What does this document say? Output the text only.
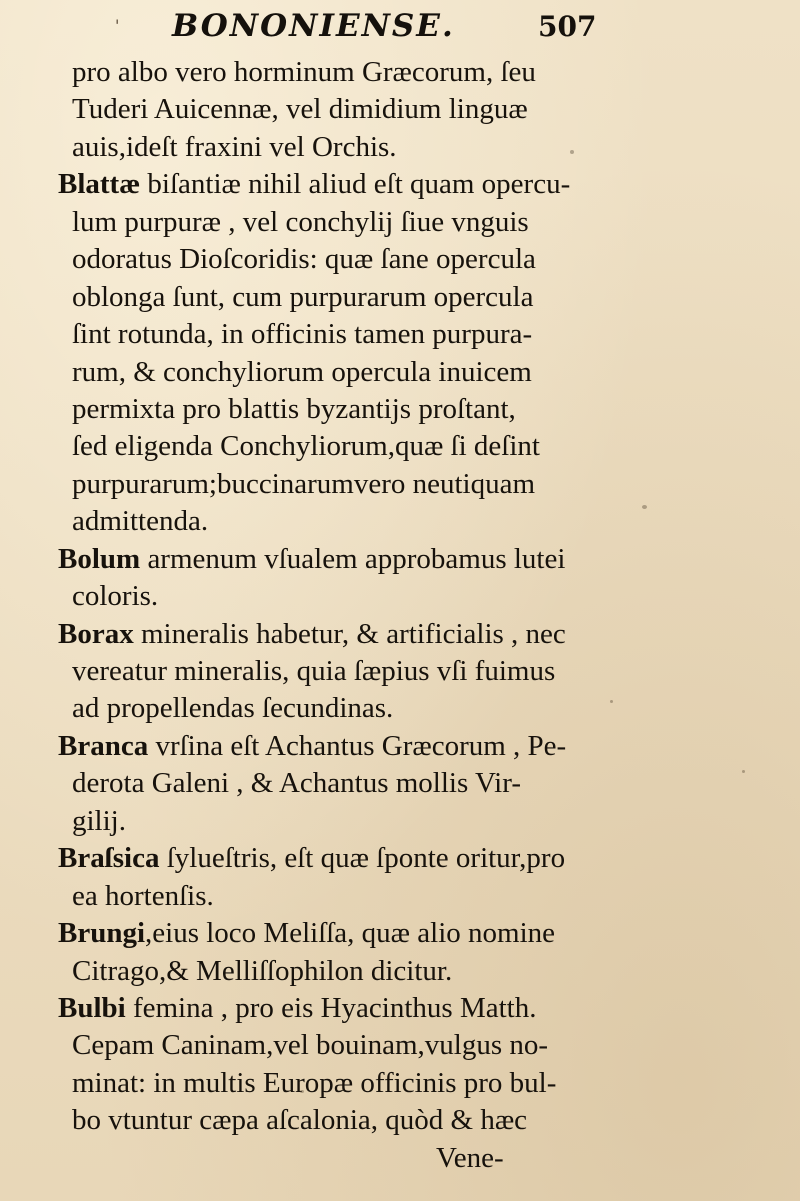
' BONONIENSE.	507
pro albo vero horminum Græcorum, ſeu
Tuderi Auicennæ, vel dimidium linguæ
auis,ideſt fraxini vel Orchis.
Blattæ biſantiæ nihil aliud eſt quam opercu-
lum purpuræ , vel conchylij ſiue vnguis
odoratus Dioſcoridis: quæ ſane opercula
oblonga ſunt, cum purpurarum opercula
ſint rotunda, in officinis tamen purpura-
rum, & conchyliorum opercula inuicem
permixta pro blattis byzantijs proſtant,
ſed eligenda Conchyliorum,quæ ſi deſint
purpurarum;buccinarumvero neutiquam
admittenda.
Bolum armenum vſualem approbamus lutei
coloris.
Borax mineralis habetur, & artificialis , nec
vereatur mineralis, quia ſæpius vſi fuimus
ad propellendas ſecundinas.
Branca vrſina eſt Achantus Græcorum , Pe-
derota Galeni , & Achantus mollis Vir-
gilij.
Braſsica ſylueſtris, eſt quæ ſponte oritur,pro
ea hortenſis.
Brungi,eius loco Meliſſa, quæ alio nomine
Citrago,& Melliſſophilon dicitur.
Bulbi femina , pro eis Hyacinthus Matth.
Cepam Caninam,vel bouinam,vulgus no-
minat: in multis Europæ officinis pro bul-
bo vtuntur cæpa aſcalonia, quòd & hæc
Vene-
